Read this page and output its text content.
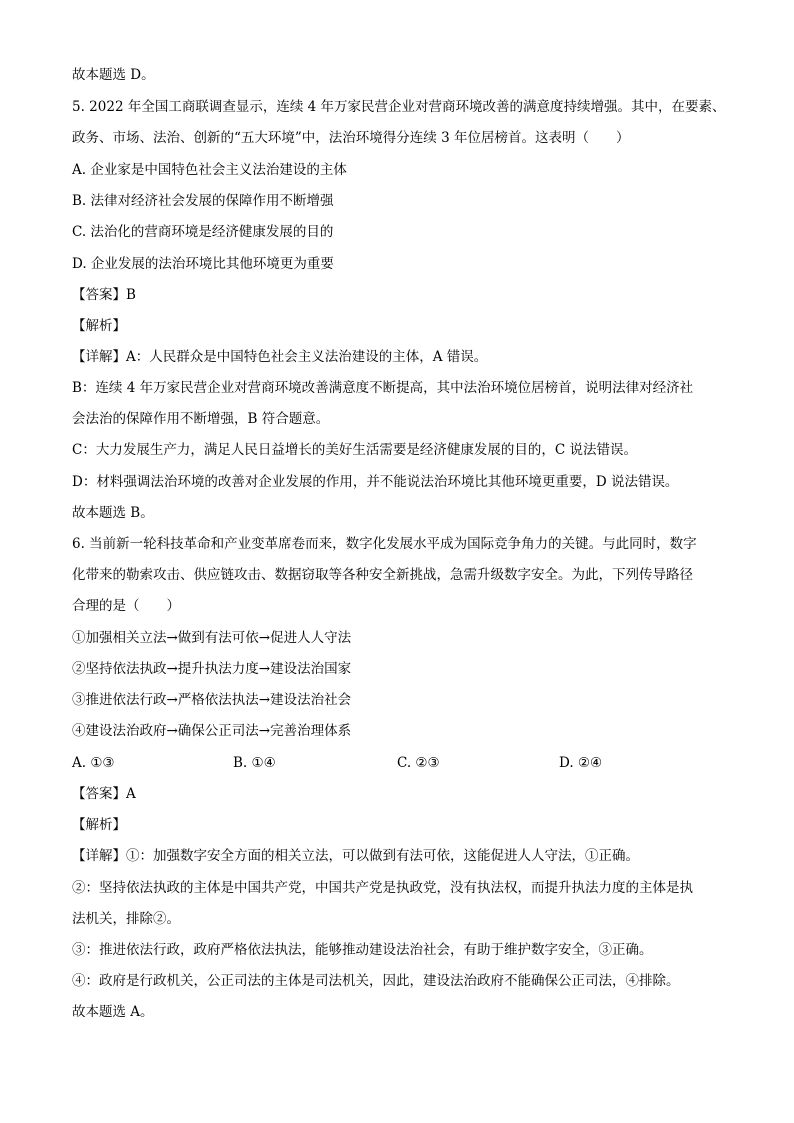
故本题选 D。
5. 2022 年全国工商联调查显示，连续 4 年万家民营企业对营商环境改善的满意度持续增强。其中，在要素、
政务、市场、法治、创新的“五大环境”中，法治环境得分连续 3 年位居榜首。这表明（　　）
A. 企业家是中国特色社会主义法治建设的主体
B. 法律对经济社会发展的保障作用不断增强
C. 法治化的营商环境是经济健康发展的目的
D. 企业发展的法治环境比其他环境更为重要
【答案】B
【解析】
【详解】A：人民群众是中国特色社会主义法治建设的主体，A 错误。
B：连续 4 年万家民营企业对营商环境改善满意度不断提高，其中法治环境位居榜首，说明法律对经济社
会法治的保障作用不断增强，B 符合题意。
C：大力发展生产力，满足人民日益增长的美好生活需要是经济健康发展的目的，C 说法错误。
D：材料强调法治环境的改善对企业发展的作用，并不能说法治环境比其他环境更重要，D 说法错误。
故本题选 B。
6. 当前新一轮科技革命和产业变革席卷而来，数字化发展水平成为国际竞争角力的关键。与此同时，数字
化带来的勒索攻击、供应链攻击、数据窃取等各种安全新挑战，急需升级数字安全。为此，下列传导路径
合理的是（　　）
①加强相关立法→做到有法可依→促进人人守法
②坚持依法执政→提升执法力度→建设法治国家
③推进依法行政→严格依法执法→建设法治社会
④建设法治政府→确保公正司法→完善治理体系
A. ①③	B. ①④	C. ②③	D. ②④
【答案】A
【解析】
【详解】①：加强数字安全方面的相关立法，可以做到有法可依，这能促进人人守法，①正确。
②：坚持依法执政的主体是中国共产党，中国共产党是执政党，没有执法权，而提升执法力度的主体是执
法机关，排除②。
③：推进依法行政，政府严格依法执法，能够推动建设法治社会，有助于维护数字安全，③正确。
④：政府是行政机关，公正司法的主体是司法机关，因此，建设法治政府不能确保公正司法，④排除。
故本题选 A。
